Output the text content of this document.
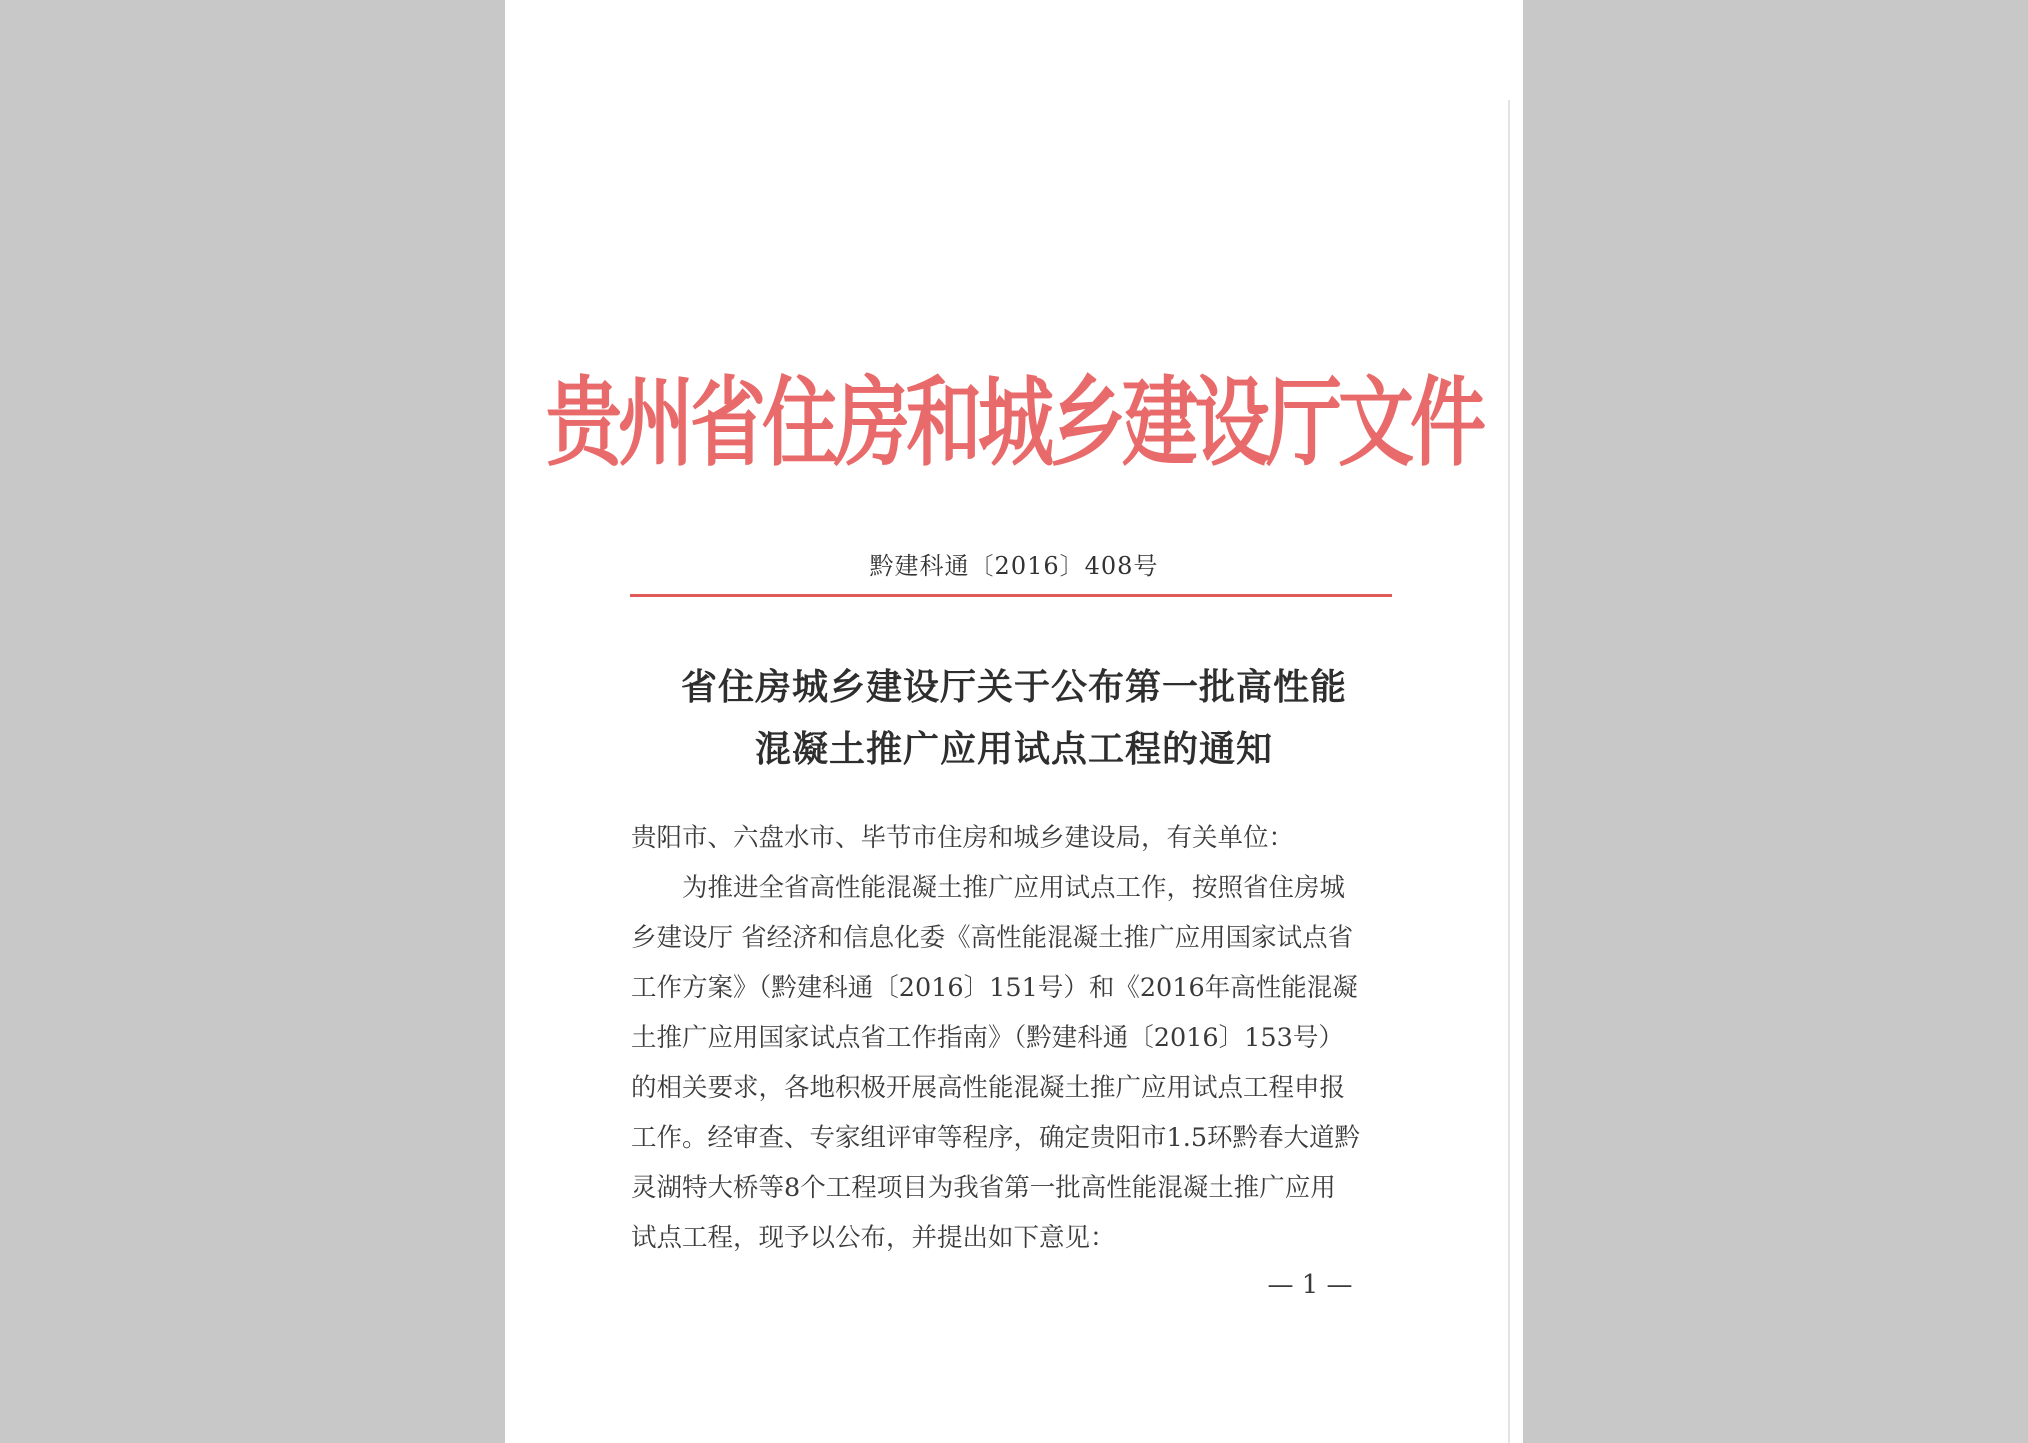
贵州省住房和城乡建设厅文件
黔建科通〔2016〕408号
省住房城乡建设厅关于公布第一批高性能
混凝土推广应用试点工程的通知
贵阳市、六盘水市、毕节市住房和城乡建设局，有关单位：
为推进全省高性能混凝土推广应用试点工作，按照省住房城
乡建设厅 省经济和信息化委《高性能混凝土推广应用国家试点省
工作方案》（黔建科通〔2016〕151号）和《2016年高性能混凝
土推广应用国家试点省工作指南》（黔建科通〔2016〕153号）
的相关要求，各地积极开展高性能混凝土推广应用试点工程申报
工作。经审查、专家组评审等程序，确定贵阳市1.5环黔春大道黔
灵湖特大桥等8个工程项目为我省第一批高性能混凝土推广应用
试点工程，现予以公布，并提出如下意见：
— 1 —
